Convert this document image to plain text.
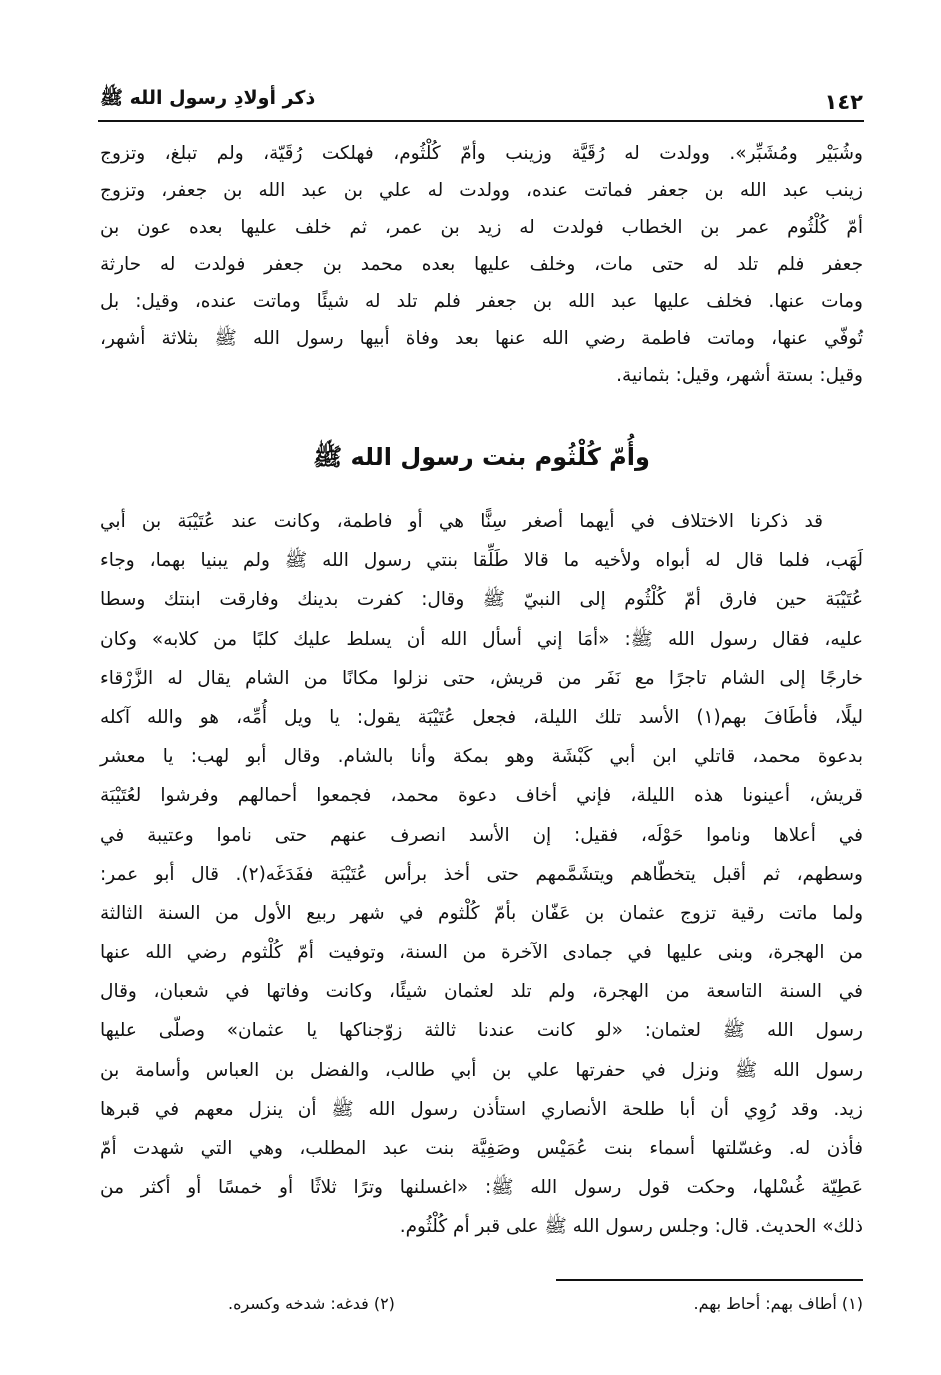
١٤٢
ذكر أولادِ رسول الله ﷺ
وشُبَيْر ومُشَبِّر». وولدت له رُقَيَّة وزينب وأمّ كُلْثُوم، فهلكت رُقَيّة، ولم تبلغ، وتزوج
زينب عبد الله بن جعفر فماتت عنده، وولدت له علي بن عبد الله بن جعفر، وتزوج
أمّ كُلْثُوم عمر بن الخطاب فولدت له زيد بن عمر، ثم خلف عليها بعده عون بن
جعفر فلم تلد له حتى مات، وخلف عليها بعده محمد بن جعفر فولدت له حارثة
ومات عنها. فخلف عليها عبد الله بن جعفر فلم تلد له شيئًا وماتت عنده، وقيل: بل
تُوفّي عنها، وماتت فاطمة رضي الله عنها بعد وفاة أبيها رسول الله ﷺ بثلاثة أشهر،
وقيل: بستة أشهر، وقيل: بثمانية.
وأُمّ كُلْثُوم بنت رسول الله ﷺ
قد ذكرنا الاختلاف في أيهما أصغر سِنًّا هي أو فاطمة، وكانت عند عُتَيْبَة بن أبي
لَهَب، فلما قال له أبواه ولأخيه ما قالا طَلِّقا بنتي رسول الله ﷺ ولم يبنيا بهما، وجاء
عُتَيْبَة حين فارق أمّ كُلْثُوم إلى النبيّ ﷺ وقال: كفرت بدينك وفارقت ابنتك وسطا
عليه، فقال رسول الله ﷺ: «أمَا إني أسأل الله أن يسلط عليك كلبًا من كلابه» وكان
خارجًا إلى الشام تاجرًا مع نَفَر من قريش، حتى نزلوا مكانًا من الشام يقال له الزَّرْقاء
ليلًا، فأطَافَ بهم(١) الأسد تلك الليلة، فجعل عُتَيْبَة يقول: يا ويل أُمِّه، هو والله آكله
بدعوة محمد، قاتلي ابن أبي كَبْشَة وهو بمكة وأنا بالشام. وقال أبو لهب: يا معشر
قريش، أعينونا هذه الليلة، فإني أخاف دعوة محمد، فجمعوا أحمالهم وفرشوا لعُتَيْبَة
في أعلاها وناموا حَوْلَه، فقيل: إن الأسد انصرف عنهم حتى ناموا وعتيبة في
وسطهم، ثم أقبل يتخطّاهم ويتشَمَّمهم حتى أخذ برأس عُتَيْبَة ففَدَغَه(٢). قال أبو عمر:
ولما ماتت رقية تزوج عثمان بن عَفّان بأمّ كُلْثوم في شهر ربيع الأول من السنة الثالثة
من الهجرة، وبنى عليها في جمادى الآخرة من السنة، وتوفيت أمّ كُلْثوم رضي الله عنها
في السنة التاسعة من الهجرة، ولم تلد لعثمان شيئًا، وكانت وفاتها في شعبان، وقال
رسول الله ﷺ لعثمان: «لو كانت عندنا ثالثة زوّجناكها يا عثمان» وصلّى عليها
رسول الله ﷺ ونزل في حفرتها علي بن أبي طالب، والفضل بن العباس وأسامة بن
زيد. وقد رُوِي أن أبا طلحة الأنصاري استأذن رسول الله ﷺ أن ينزل معهم في قبرها
فأذن له. وغسّلتها أسماء بنت عُمَيْس وصَفِيَّة بنت عبد المطلب، وهي التي شهدت أمّ
عَطِيّة غُسْلها، وحكت قول رسول الله ﷺ: «اغسلنها وترًا ثلاثًا أو خمسًا أو أكثر من
ذلك» الحديث. قال: وجلس رسول الله ﷺ على قبر أم كُلْثُوم.
(١) أطاف بهم: أحاط بهم.
(٢) فدغه: شدخه وكسره.
